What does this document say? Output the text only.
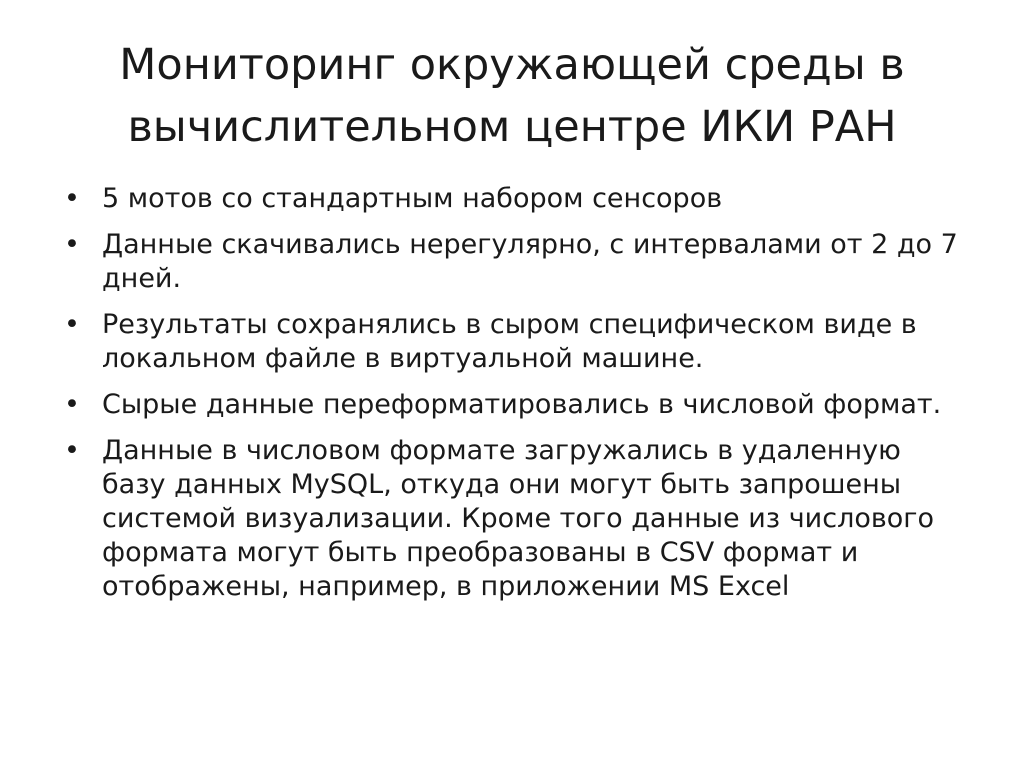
Мониторинг окружающей среды в вычислительном центре ИКИ РАН
• 5 мотов со стандартным набором сенсоров
• Данные скачивались нерегулярно, с интервалами от 2 до 7 дней.
• Результаты сохранялись в сыром специфическом виде в локальном файле в виртуальной машине.
• Сырые данные переформатировались в числовой формат.
• Данные в числовом формате загружались в удаленную базу данных MySQL, откуда они могут быть запрошены системой визуализации. Кроме того данные из числового формата могут быть преобразованы в CSV формат и отображены, например, в приложении MS Excel
